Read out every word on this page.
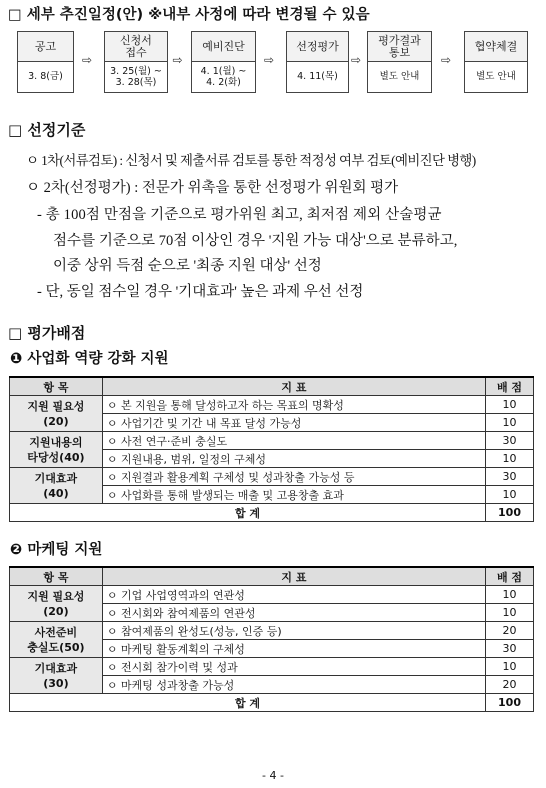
□ 세부 추진일정(안) ※내부 사정에 따라 변경될 수 있음
공고
3. 8(금)
⇨
신청서
접수
3. 25(월) ~
3. 28(목)
⇨
예비진단
4. 1(월) ~
4. 2(화)
⇨
선정평가
4. 11(목)
⇨
평가결과
통보
별도 안내
⇨
협약체결
별도 안내
□ 선정기준
ㅇ 1차(서류검토) : 신청서 및 제출서류 검토를 통한 적정성 여부 검토(예비진단 병행)
ㅇ 2차(선정평가) : 전문가 위촉을 통한 선정평가 위원회 평가
- 총 100점 만점을 기준으로 평가위원 최고, 최저점 제외 산술평균
점수를 기준으로 70점 이상인 경우 '지원 가능 대상'으로 분류하고,
이중 상위 득점 순으로 '최종 지원 대상' 선정
- 단, 동일 점수일 경우 '기대효과' 높은 과제 우선 선정
□ 평가배점
❶ 사업화 역량 강화 지원
항 목	지 표	배 점
지원 필요성
(20)	ㅇ 본 지원을 통해 달성하고자 하는 목표의 명확성	10
	ㅇ 사업기간 및 기간 내 목표 달성 가능성	10
지원내용의
타당성(40)	ㅇ 사전 연구·준비 충실도	30
	ㅇ 지원내용, 범위, 일정의 구체성	10
기대효과
(40)	ㅇ 지원결과 활용계획 구체성 및 성과창출 가능성 등	30
	ㅇ 사업화를 통해 발생되는 매출 및 고용창출 효과	10
합 계		100
❷ 마케팅 지원
항 목	지 표	배 점
지원 필요성
(20)	ㅇ 기업 사업영역과의 연관성	10
	ㅇ 전시회와 참여제품의 연관성	10
사전준비
충실도(50)	ㅇ 참여제품의 완성도(성능, 인증 등)	20
	ㅇ 마케팅 활동계획의 구체성	30
기대효과
(30)	ㅇ 전시회 참가이력 및 성과	10
	ㅇ 마케팅 성과창출 가능성	20
합 계		100
- 4 -
